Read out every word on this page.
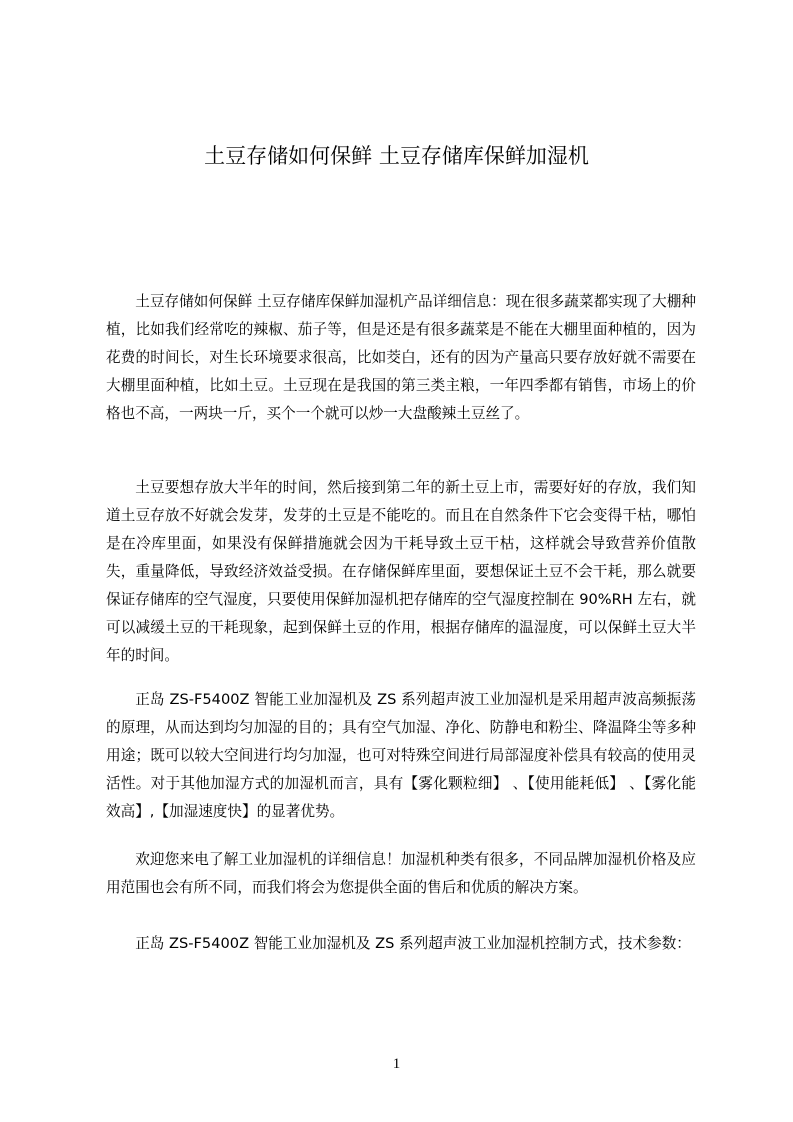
土豆存储如何保鲜 土豆存储库保鲜加湿机

土豆存储如何保鲜 土豆存储库保鲜加湿机产品详细信息：现在很多蔬菜都实现了大棚种植，比如我们经常吃的辣椒、茄子等，但是还是有很多蔬菜是不能在大棚里面种植的，因为花费的时间长，对生长环境要求很高，比如茭白，还有的因为产量高只要存放好就不需要在大棚里面种植，比如土豆。土豆现在是我国的第三类主粮，一年四季都有销售，市场上的价格也不高，一两块一斤，买个一个就可以炒一大盘酸辣土豆丝了。

土豆要想存放大半年的时间，然后接到第二年的新土豆上市，需要好好的存放，我们知道土豆存放不好就会发芽，发芽的土豆是不能吃的。而且在自然条件下它会变得干枯，哪怕是在冷库里面，如果没有保鲜措施就会因为干耗导致土豆干枯，这样就会导致营养价值散失，重量降低，导致经济效益受损。在存储保鲜库里面，要想保证土豆不会干耗，那么就要保证存储库的空气湿度，只要使用保鲜加湿机把存储库的空气湿度控制在 90%RH 左右，就可以减缓土豆的干耗现象，起到保鲜土豆的作用，根据存储库的温湿度，可以保鲜土豆大半年的时间。

正岛 ZS-F5400Z 智能工业加湿机及 ZS 系列超声波工业加湿机是采用超声波高频振荡的原理，从而达到均匀加湿的目的；具有空气加湿、净化、防静电和粉尘、降温降尘等多种用途；既可以较大空间进行均匀加湿，也可对特殊空间进行局部湿度补偿具有较高的使用灵活性。对于其他加湿方式的加湿机而言，具有【雾化颗粒细】 、【使用能耗低】 、【雾化能效高】,【加湿速度快】的显著优势。

欢迎您来电了解工业加湿机的详细信息！加湿机种类有很多，不同品牌加湿机价格及应用范围也会有所不同，而我们将会为您提供全面的售后和优质的解决方案。

正岛 ZS-F5400Z 智能工业加湿机及 ZS 系列超声波工业加湿机控制方式，技术参数：

1
